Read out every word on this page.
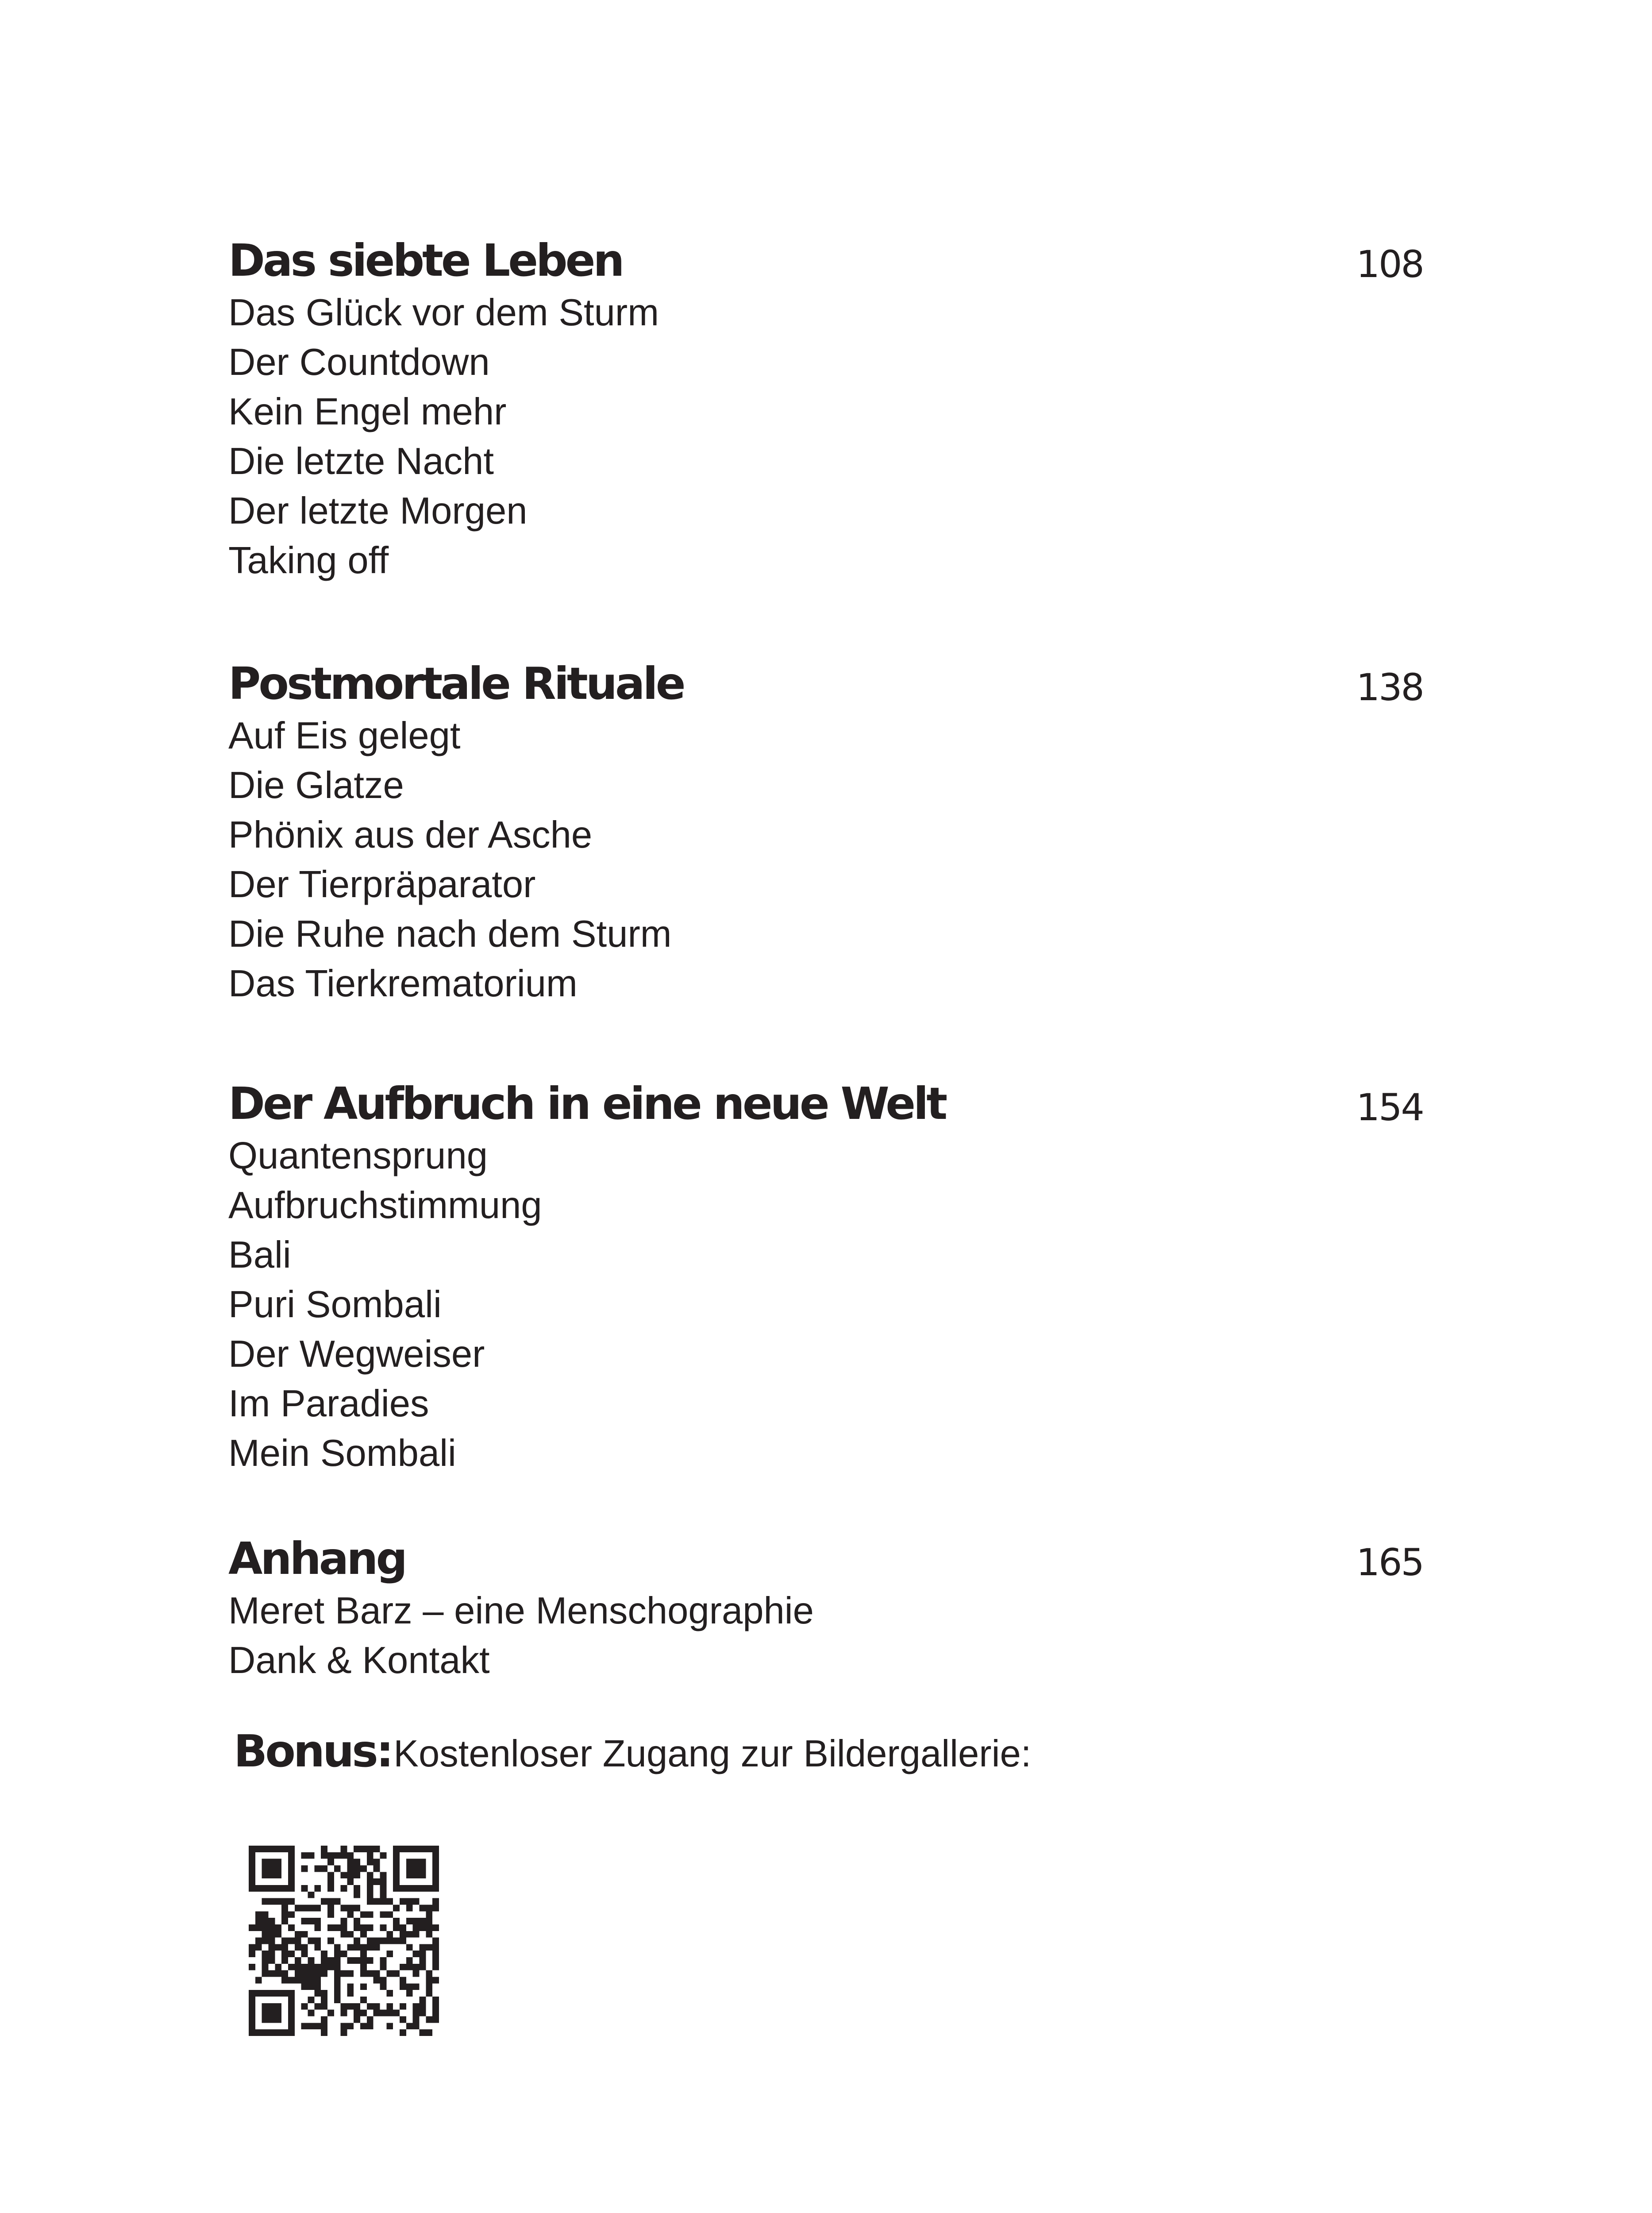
Das siebte Leben	108
Das Glück vor dem Sturm
Der Countdown
Kein Engel mehr
Die letzte Nacht
Der letzte Morgen
Taking off
Postmortale Rituale	138
Auf Eis gelegt
Die Glatze
Phönix aus der Asche
Der Tierpräparator
Die Ruhe nach dem Sturm
Das Tierkrematorium
Der Aufbruch in eine neue Welt	154
Quantensprung
Aufbruchstimmung
Bali
Puri Sombali
Der Wegweiser
Im Paradies
Mein Sombali
Anhang	165
Meret Barz – eine Menschographie
Dank & Kontakt
Bonus: Kostenloser Zugang zur Bildergallerie:
